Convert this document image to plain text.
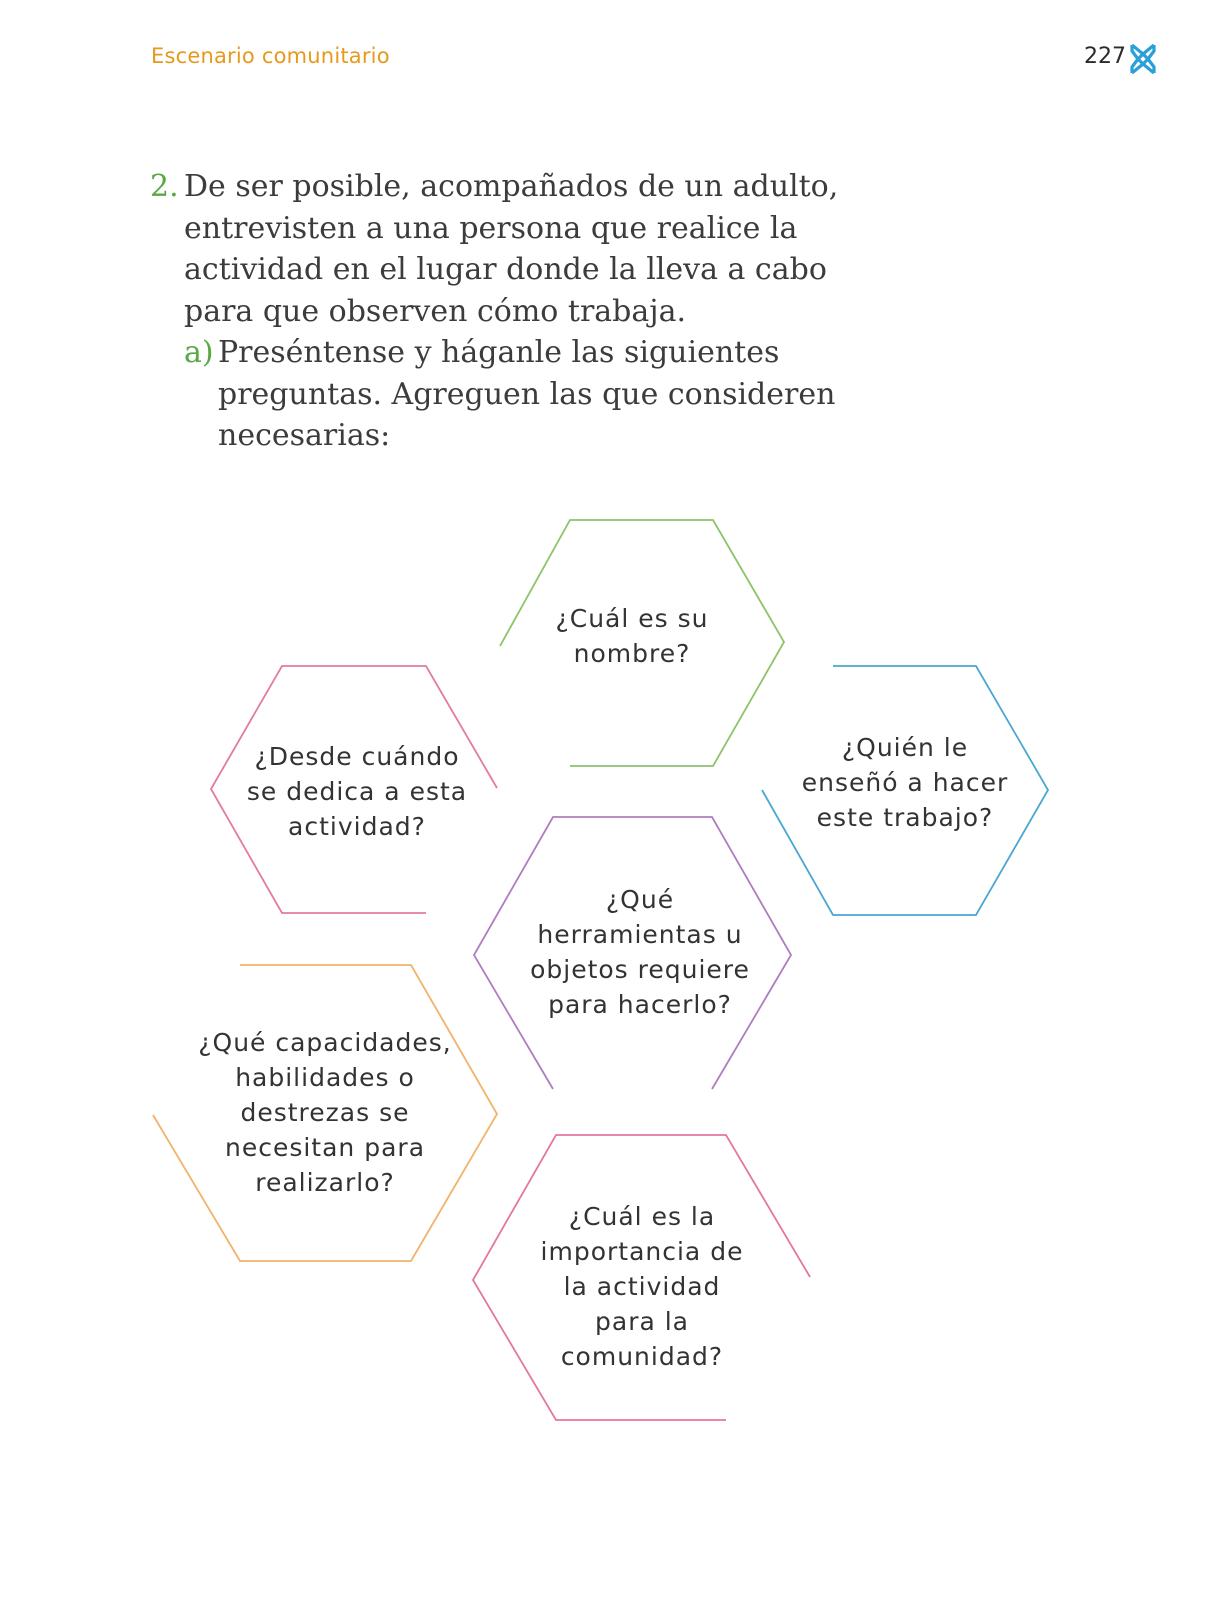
Escenario comunitario	227
2. De ser posible, acompañados de un adulto, entrevisten a una persona que realice la actividad en el lugar donde la lleva a cabo para que observen cómo trabaja.
a) Preséntense y háganle las siguientes preguntas. Agreguen las que consideren necesarias:
¿Cuál es su
nombre?
¿Desde cuándo
se dedica a esta
actividad?
¿Quién le
enseñó a hacer
este trabajo?
¿Qué
herramientas u
objetos requiere
para hacerlo?
¿Qué capacidades,
habilidades o
destrezas se
necesitan para
realizarlo?
¿Cuál es la
importancia de
la actividad
para la
comunidad?
